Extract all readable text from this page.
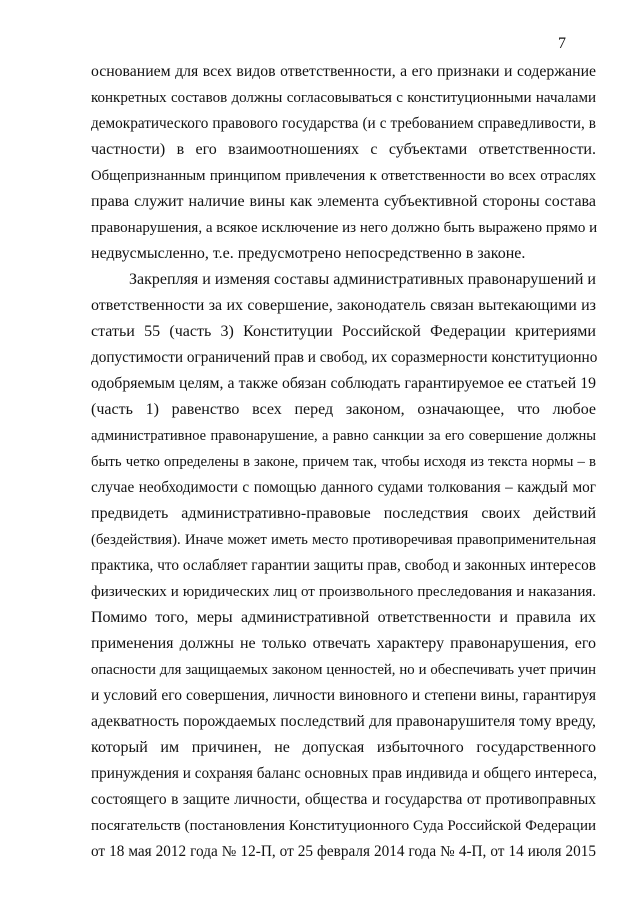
7
основанием для всех видов ответственности, а его признаки и содержание
конкретных составов должны согласовываться с конституционными началами
демократического правового государства (и с требованием справедливости, в
частности) в его взаимоотношениях с субъектами ответственности.
Общепризнанным принципом привлечения к ответственности во всех отраслях
права служит наличие вины как элемента субъективной стороны состава
правонарушения, а всякое исключение из него должно быть выражено прямо и
недвусмысленно, т.е. предусмотрено непосредственно в законе.
Закрепляя и изменяя составы административных правонарушений и
ответственности за их совершение, законодатель связан вытекающими из
статьи 55 (часть 3) Конституции Российской Федерации критериями
допустимости ограничений прав и свобод, их соразмерности конституционно
одобряемым целям, а также обязан соблюдать гарантируемое ее статьей 19
(часть 1) равенство всех перед законом, означающее, что любое
административное правонарушение, а равно санкции за его совершение должны
быть четко определены в законе, причем так, чтобы исходя из текста нормы – в
случае необходимости с помощью данного судами толкования – каждый мог
предвидеть административно-правовые последствия своих действий
(бездействия). Иначе может иметь место противоречивая правоприменительная
практика, что ослабляет гарантии защиты прав, свобод и законных интересов
физических и юридических лиц от произвольного преследования и наказания.
Помимо того, меры административной ответственности и правила их
применения должны не только отвечать характеру правонарушения, его
опасности для защищаемых законом ценностей, но и обеспечивать учет причин
и условий его совершения, личности виновного и степени вины, гарантируя
адекватность порождаемых последствий для правонарушителя тому вреду,
который им причинен, не допуская избыточного государственного
принуждения и сохраняя баланс основных прав индивида и общего интереса,
состоящего в защите личности, общества и государства от противоправных
посягательств (постановления Конституционного Суда Российской Федерации
от 18 мая 2012 года № 12-П, от 25 февраля 2014 года № 4-П, от 14 июля 2015
